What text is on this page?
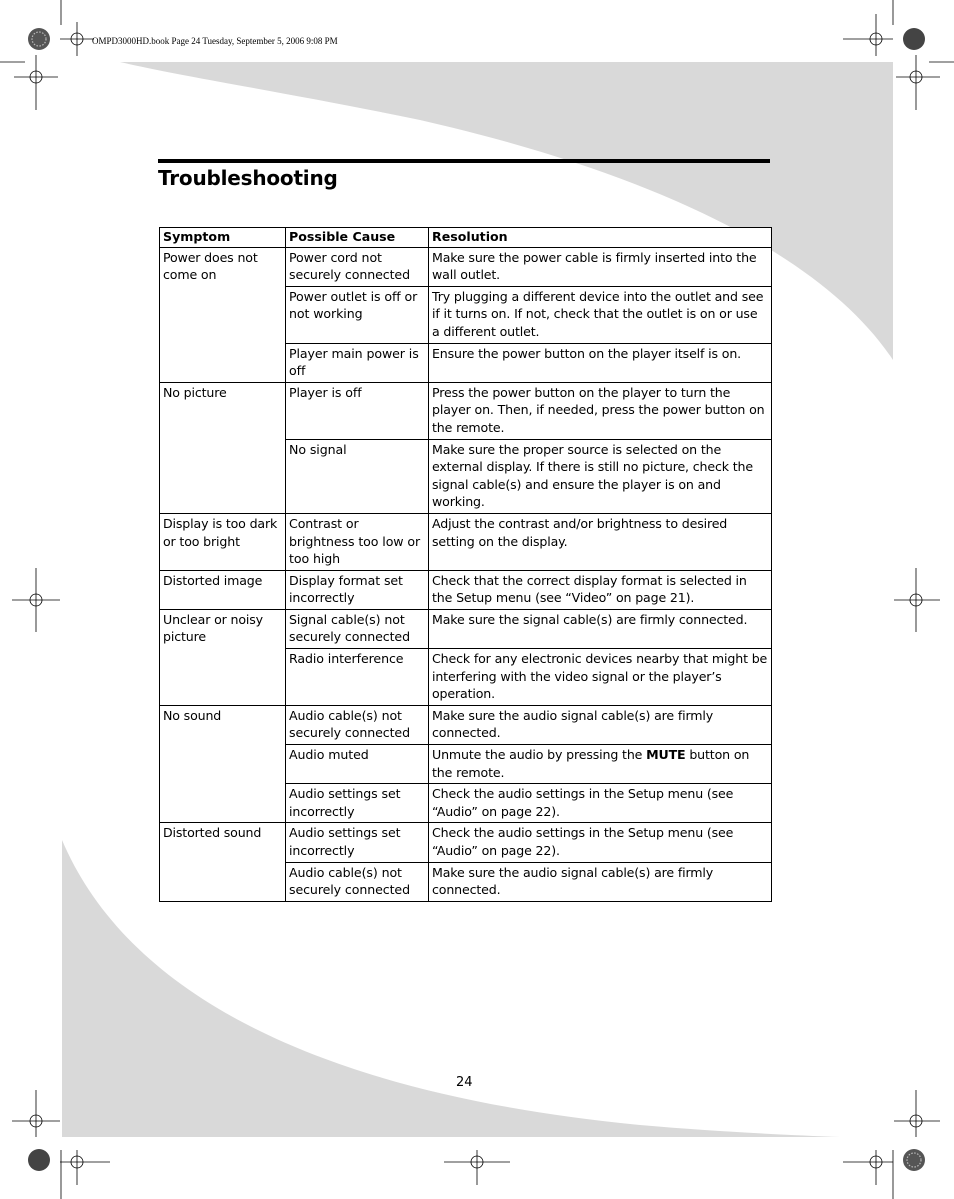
OMPD3000HD.book Page 24 Tuesday, September 5, 2006 9:08 PM
Troubleshooting
Symptom	Possible Cause	Resolution
Power does not come on	Power cord not securely connected	Make sure the power cable is firmly inserted into the wall outlet.
	Power outlet is off or not working	Try plugging a different device into the outlet and see if it turns on. If not, check that the outlet is on or use a different outlet.
	Player main power is off	Ensure the power button on the player itself is on.
No picture	Player is off	Press the power button on the player to turn the player on. Then, if needed, press the power button on the remote.
	No signal	Make sure the proper source is selected on the external display. If there is still no picture, check the signal cable(s) and ensure the player is on and working.
Display is too dark or too bright	Contrast or brightness too low or too high	Adjust the contrast and/or brightness to desired setting on the display.
Distorted image	Display format set incorrectly	Check that the correct display format is selected in the Setup menu (see “Video” on page 21).
Unclear or noisy picture	Signal cable(s) not securely connected	Make sure the signal cable(s) are firmly connected.
	Radio interference	Check for any electronic devices nearby that might be interfering with the video signal or the player’s operation.
No sound	Audio cable(s) not securely connected	Make sure the audio signal cable(s) are firmly connected.
	Audio muted	Unmute the audio by pressing the MUTE button on the remote.
	Audio settings set incorrectly	Check the audio settings in the Setup menu (see “Audio” on page 22).
Distorted sound	Audio settings set incorrectly	Check the audio settings in the Setup menu (see “Audio” on page 22).
	Audio cable(s) not securely connected	Make sure the audio signal cable(s) are firmly connected.
24
